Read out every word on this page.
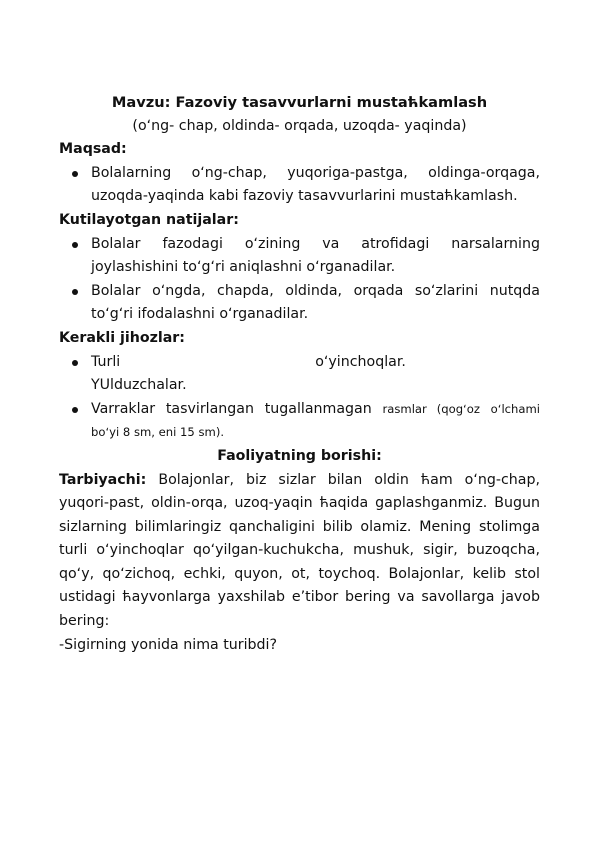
Mavzu: Fazoviy tasavvurlarni mustaћkamlash

(oʻng- chap, oldinda- orqada, uzoqda- yaqinda)

Maqsad:

Bolalarning oʻng-chap, yuqoriga-pastga, oldinga-orqaga, uzoqda-yaqinda kabi fazoviy tasavvurlarini mustaћkamlash.

Kutilayotgan natijalar:

Bolalar fazodagi oʻzining va atrofidagi narsalarning joylashishini toʻgʻri aniqlashni oʻrganadilar.
Bolalar oʻngda, chapda, oldinda, orqada soʻzlarini nutqda toʻgʻri ifodalashni oʻrganadilar.

Kerakli jihozlar:

Turli	oʻyinchoqlar.
YUlduzchalar.
Varraklar tasvirlangan tugallanmagan rasmlar (qogʻoz oʻlchami boʻyi 8 sm, eni 15 sm).

Faoliyatning borishi:

Tarbiyachi: Bolajonlar, biz sizlar bilan oldin ћam oʻng-chap, yuqori-past, oldin-orqa, uzoq-yaqin ћaqida gaplashganmiz. Bugun sizlarning bilimlaringiz qanchaligini bilib olamiz. Mening stolimga turli oʻyinchoqlar qoʻyilgan-kuchukcha, mushuk, sigir, buzoqcha, qoʻy, qoʻzichoq, echki, quyon, ot, toychoq. Bolajonlar, kelib stol ustidagi ћayvonlarga yaxshilab e’tibor bering va savollarga javob bering:

-Sigirning yonida nima turibdi?
